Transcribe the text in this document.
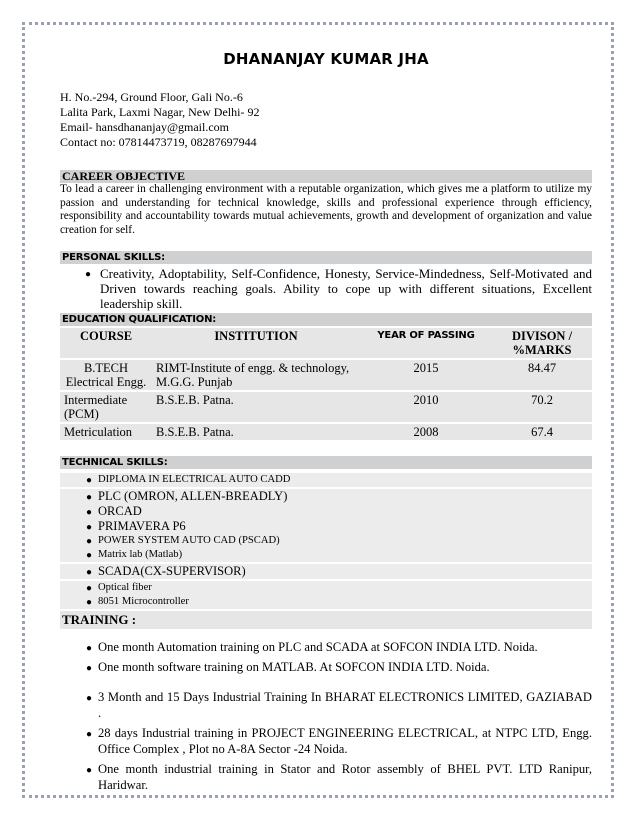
DHANANJAY KUMAR JHA
H. No.-294, Ground Floor, Gali No.-6
Lalita Park, Laxmi Nagar, New Delhi- 92
Email- hansdhananjay@gmail.com
Contact no: 07814473719, 08287697944
CAREER OBJECTIVE
To lead a career in challenging environment with a reputable organization, which gives me a platform to utilize my passion and understanding for technical knowledge, skills and professional experience through efficiency, responsibility and accountability towards mutual achievements, growth and development of organization and value creation for self.
PERSONAL SKILLS:
● Creativity, Adoptability, Self-Confidence, Honesty, Service-Mindedness, Self-Motivated and Driven towards reaching goals. Ability to cope up with different situations, Excellent leadership skill.
EDUCATION QUALIFICATION:
COURSE	INSTITUTION	YEAR OF PASSING	DIVISON / %MARKS
B.TECH Electrical Engg.	RIMT-Institute of engg. & technology, M.G.G. Punjab	2015	84.47
Intermediate (PCM)	B.S.E.B. Patna.	2010	70.2
Metriculation	B.S.E.B. Patna.	2008	67.4
TECHNICAL SKILLS:
● DIPLOMA IN ELECTRICAL AUTO CADD
● PLC (OMRON, ALLEN-BREADLY)
● ORCAD
● PRIMAVERA P6
● POWER SYSTEM AUTO CAD (PSCAD)
● Matrix lab (Matlab)
● SCADA(CX-SUPERVISOR)
● Optical fiber
● 8051 Microcontroller
TRAINING :
● One month Automation training on PLC and SCADA at SOFCON INDIA LTD. Noida.
● One month software training on MATLAB. At SOFCON INDIA LTD. Noida.
● 3 Month and 15 Days Industrial Training In BHARAT ELECTRONICS LIMITED, GAZIABAD .
● 28 days Industrial training in PROJECT ENGINEERING ELECTRICAL, at NTPC LTD, Engg. Office Complex , Plot no A-8A Sector -24 Noida.
● One month industrial training in Stator and Rotor assembly of BHEL PVT. LTD Ranipur, Haridwar.
